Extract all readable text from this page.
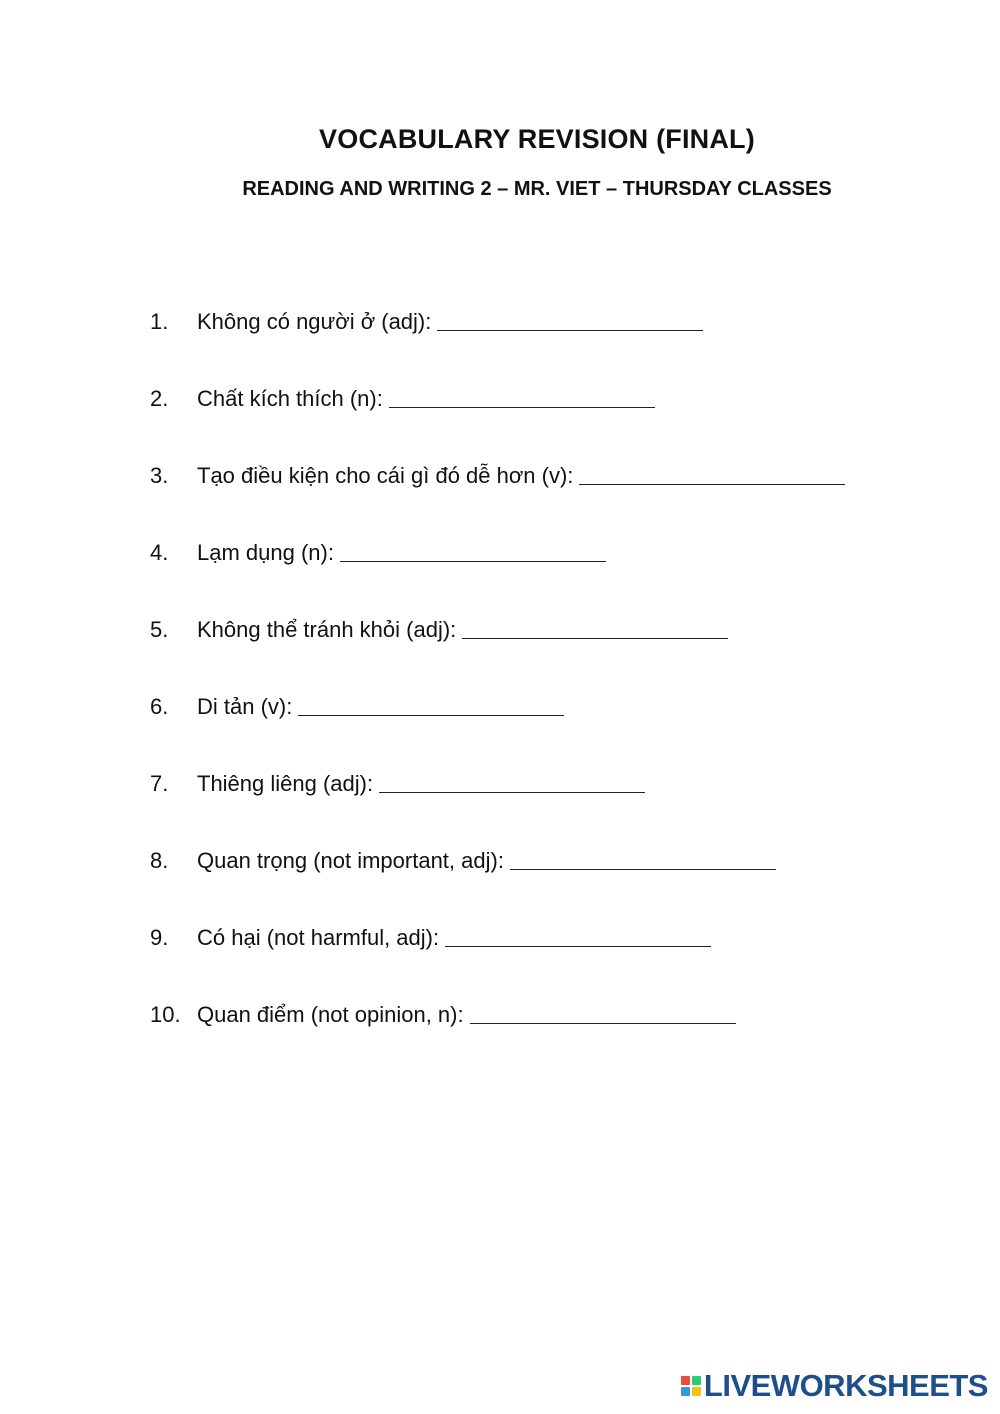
VOCABULARY REVISION (FINAL)
READING AND WRITING 2 – MR. VIET – THURSDAY CLASSES
1.	Không có người ở (adj):
2.	Chất kích thích (n):
3.	Tạo điều kiện cho cái gì đó dễ hơn (v):
4.	Lạm dụng (n):
5.	Không thể tránh khỏi (adj):
6.	Di tản (v):
7.	Thiêng liêng (adj):
8.	Quan trọng (not important, adj):
9.	Có hại (not harmful, adj):
10. Quan điểm (not opinion, n):
LIVEWORKSHEETS
